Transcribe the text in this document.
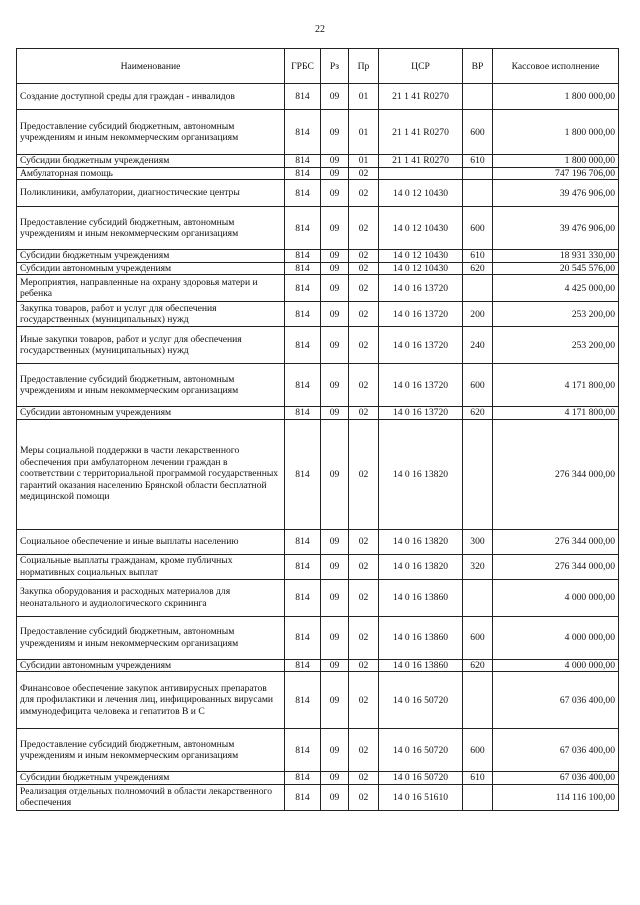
22
Наименование	ГРБС	Рз	Пр	ЦСР	ВР	Кассовое исполнение
Создание доступной среды для граждан - инвалидов	814	09	01	21 1 41 R0270		1 800 000,00
Предоставление субсидий бюджетным, автономным учреждениям и иным некоммерческим организациям	814	09	01	21 1 41 R0270	600	1 800 000,00
Субсидии бюджетным учреждениям	814	09	01	21 1 41 R0270	610	1 800 000,00
Амбулаторная помощь	814	09	02			747 196 706,00
Поликлиники, амбулатории, диагностические центры	814	09	02	14 0 12 10430		39 476 906,00
Предоставление субсидий бюджетным, автономным учреждениям и иным некоммерческим организациям	814	09	02	14 0 12 10430	600	39 476 906,00
Субсидии бюджетным учреждениям	814	09	02	14 0 12 10430	610	18 931 330,00
Субсидии автономным учреждениям	814	09	02	14 0 12 10430	620	20 545 576,00
Мероприятия, направленные на охрану здоровья матери и ребенка	814	09	02	14 0 16 13720		4 425 000,00
Закупка товаров, работ и услуг для обеспечения государственных (муниципальных) нужд	814	09	02	14 0 16 13720	200	253 200,00
Иные закупки товаров, работ и услуг для обеспечения государственных (муниципальных) нужд	814	09	02	14 0 16 13720	240	253 200,00
Предоставление субсидий бюджетным, автономным учреждениям и иным некоммерческим организациям	814	09	02	14 0 16 13720	600	4 171 800,00
Субсидии автономным учреждениям	814	09	02	14 0 16 13720	620	4 171 800,00
Меры социальной поддержки в части лекарственного обеспечения при амбулаторном лечении граждан в соответствии с территориальной программой государственных гарантий оказания населению Брянской области бесплатной медицинской помощи	814	09	02	14 0 16 13820		276 344 000,00
Социальное обеспечение и иные выплаты населению	814	09	02	14 0 16 13820	300	276 344 000,00
Социальные выплаты гражданам, кроме публичных нормативных социальных выплат	814	09	02	14 0 16 13820	320	276 344 000,00
Закупка оборудования и расходных материалов для неонатального и аудиологического скрининга	814	09	02	14 0 16 13860		4 000 000,00
Предоставление субсидий бюджетным, автономным учреждениям и иным некоммерческим организациям	814	09	02	14 0 16 13860	600	4 000 000,00
Субсидии автономным учреждениям	814	09	02	14 0 16 13860	620	4 000 000,00
Финансовое обеспечение закупок антивирусных препаратов для профилактики и лечения лиц, инфицированных вирусами иммунодефицита человека и гепатитов В и С	814	09	02	14 0 16 50720		67 036 400,00
Предоставление субсидий бюджетным, автономным учреждениям и иным некоммерческим организациям	814	09	02	14 0 16 50720	600	67 036 400,00
Субсидии бюджетным учреждениям	814	09	02	14 0 16 50720	610	67 036 400,00
Реализация отдельных полномочий в области лекарственного обеспечения	814	09	02	14 0 16 51610		114 116 100,00
